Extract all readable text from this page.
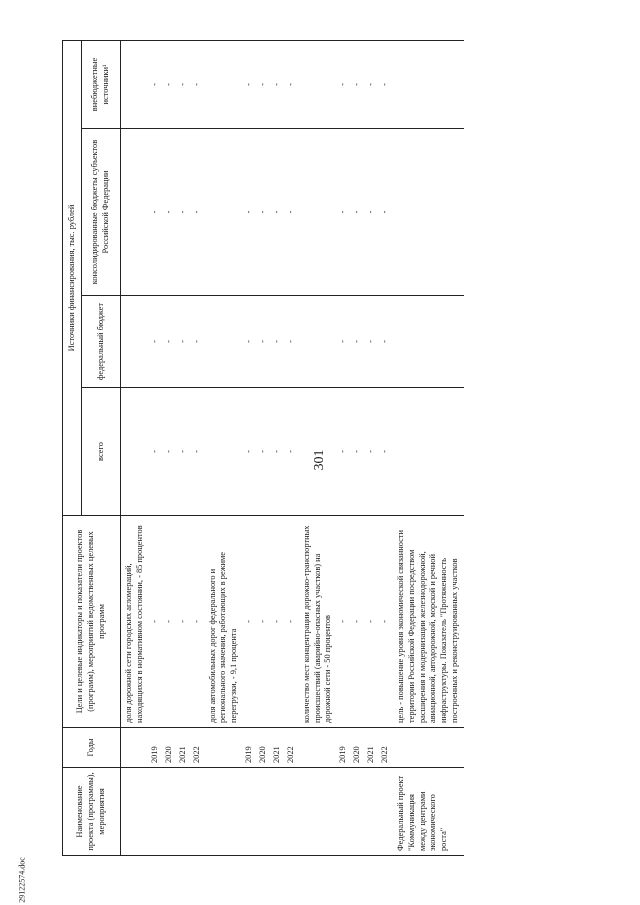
301
29122574.doc
Наименование проекта (программы), мероприятия	Годы	Цели и целевые индикаторы и показатели проектов (программ), мероприятий ведомственных целевых программ	Источники финансирования, тыс. рублей			
			всего	федеральный бюджет	консолидированные бюджеты субъектов Российской Федерации	внебюджетные источники¹
		доля дорожной сети городских агломераций, находящихся в нормативном состоянии, - 85 процентов				
	2019	-	-	-	-	-
	2020	-	-	-	-	-
	2021	-	-	-	-	-
	2022	-	-	-	-	-
		доля автомобильных дорог федерального и регионального значения, работающих в режиме перегрузки, - 9,1 процента				
	2019	-	-	-	-	-
	2020	-	-	-	-	-
	2021	-	-	-	-	-
	2022	-	-	-	-	-
		количество мест концентрации дорожно-транспортных происшествий (аварийно-опасных участков) на дорожной сети - 50 процентов				
	2019	-	-	-	-	-
	2020	-	-	-	-	-
	2021	-	-	-	-	-
	2022	-	-	-	-	-
Федеральный проект "Коммуникация между центрами экономического роста"		цель - повышение уровня экономической связанности территории Российской Федерации посредством расширения и модернизации железнодорожной, авиационной, автодорожной, морской и речной инфраструктуры. Показатель "Протяженность построенных и реконструированных участков				
